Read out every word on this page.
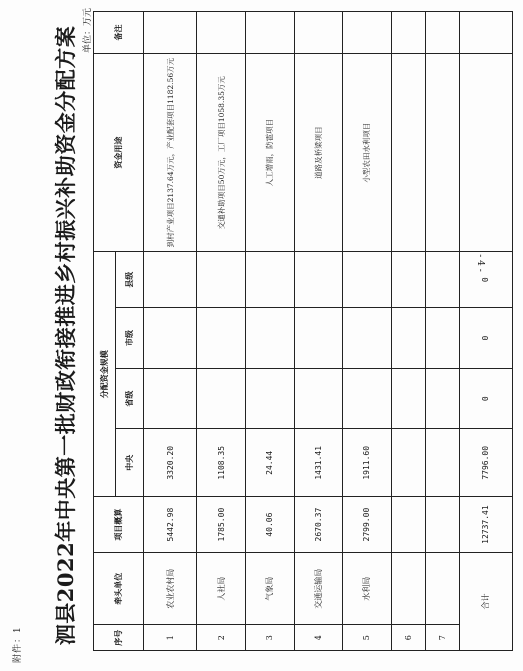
附件：1 泗县2022年中央第一批财政衔接推进乡村振兴补助资金分配方案 单位：万元
序号	牵头单位	项目概算	分配资金规模				资金用途	备注
			中央	省级	市级	县级		
1	农业农村局	5442.98	3320.20				到村产业项目2137.64万元，产业配套项目1182.56万元	
2	人社局	1785.00	1108.35				交通补助项目50万元，工厂项目1058.35万元	
3	气象局	40.06	24.44				人工增雨，防雹项目	
4	交通运输局	2670.37	1431.41				道路及桥梁项目	
5	水利局	2799.00	1911.60				小型农田水利项目	
6								
7								
合计		12737.41	7796.00	0	0	0		
- 4 -
